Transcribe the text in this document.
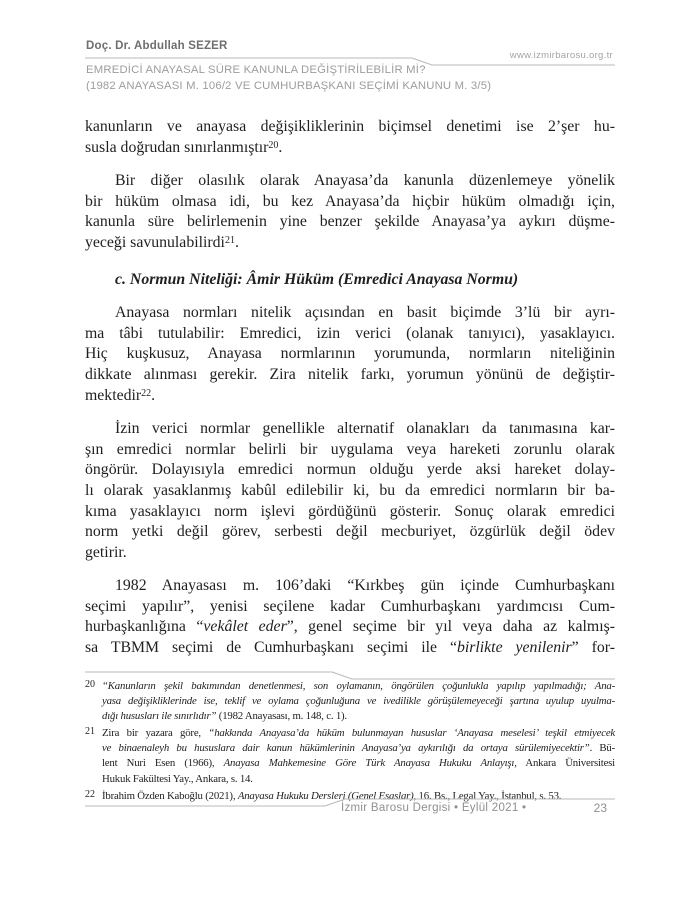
Doç. Dr. Abdullah SEZER
www.izmirbarosu.org.tr
EMREDİCİ ANAYASAL SÜRE KANUNLA DEĞİŞTİRİLEBİLİR Mİ?
(1982 ANAYASASI M. 106/2 VE CUMHURBAŞKANI SEÇİMİ KANUNU M. 3/5)
kanunların ve anayasa değişikliklerinin biçimsel denetimi ise 2’şer hu-
susla doğrudan sınırlanmıştır$^{20}$.
Bir diğer olasılık olarak Anayasa’da kanunla düzenlemeye yönelik
bir hüküm olmasa idi, bu kez Anayasa’da hiçbir hüküm olmadığı için,
kanunla süre belirlemenin yine benzer şekilde Anayasa’ya aykırı düşme-
yeceği savunulabilirdi$^{21}$.
c. Normun Niteliği: Âmir Hüküm (Emredici Anayasa Normu)
Anayasa normları nitelik açısından en basit biçimde 3’lü bir ayrı-
ma tâbi tutulabilir: Emredici, izin verici (olanak tanıyıcı), yasaklayıcı.
Hiç kuşkusuz, Anayasa normlarının yorumunda, normların niteliğinin
dikkate alınması gerekir. Zira nitelik farkı, yorumun yönünü de değiştir-
mektedir$^{22}$.
İzin verici normlar genellikle alternatif olanakları da tanımasına kar-
şın emredici normlar belirli bir uygulama veya hareketi zorunlu olarak
öngörür. Dolayısıyla emredici normun olduğu yerde aksi hareket dolay-
lı olarak yasaklanmış kabûl edilebilir ki, bu da emredici normların bir ba-
kıma yasaklayıcı norm işlevi gördüğünü gösterir. Sonuç olarak emredici
norm yetki değil görev, serbesti değil mecburiyet, özgürlük değil ödev
getirir.
1982 Anayasası m. 106’daki “Kırkbeş gün içinde Cumhurbaşkanı
seçimi yapılır”, yenisi seçilene kadar Cumhurbaşkanı yardımcısı Cum-
hurbaşkanlığına “vekâlet eder”, genel seçime bir yıl veya daha az kalmış-
sa TBMM seçimi de Cumhurbaşkanı seçimi ile “birlikte yenilenir” for-
20 “Kanunların şekil bakımından denetlenmesi, son oylamanın, öngörülen çoğunlukla yapılıp yapılmadığı; Ana-
yasa değişikliklerinde ise, teklif ve oylama çoğunluğuna ve ivedilikle görüşülemeyeceği şartına uyulup uyulma-
dığı hususları ile sınırlıdır” (1982 Anayasası, m. 148, c. 1).
21 Zira bir yazara göre, “hakkında Anayasa’da hüküm bulunmayan hususlar ‘Anayasa meselesi’ teşkil etmiyecek
ve binaenaleyh bu hususlara dair kanun hükümlerinin Anayasa’ya aykırılığı da ortaya sürülemiyecektir”. Bü-
lent Nuri Esen (1966), Anayasa Mahkemesine Göre Türk Anayasa Hukuku Anlayışı, Ankara Üniversitesi
Hukuk Fakültesi Yay., Ankara, s. 14.
22 İbrahim Özden Kaboğlu (2021), Anayasa Hukuku Dersleri (Genel Esaslar), 16. Bs., Legal Yay., İstanbul, s. 53.
İzmir Barosu Dergisi • Eylül 2021 •	23
